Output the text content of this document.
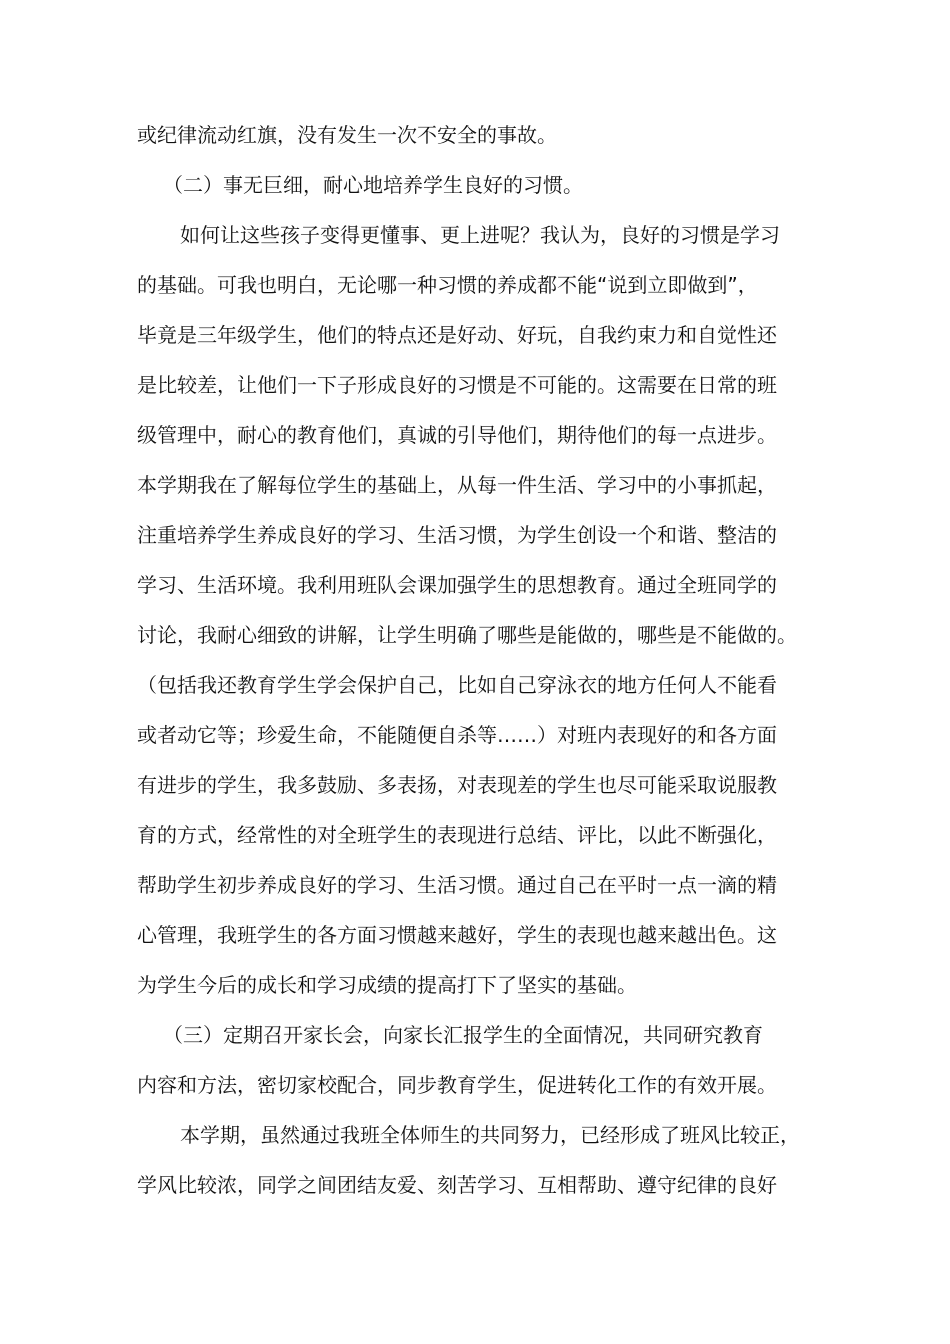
或纪律流动红旗，没有发生一次不安全的事故。
（二）事无巨细，耐心地培养学生良好的习惯。
如何让这些孩子变得更懂事、更上进呢？我认为，良好的习惯是学习
的基础。可我也明白，无论哪一种习惯的养成都不能“说到立即做到”，
毕竟是三年级学生，他们的特点还是好动、好玩，自我约束力和自觉性还
是比较差，让他们一下子形成良好的习惯是不可能的。这需要在日常的班
级管理中，耐心的教育他们，真诚的引导他们，期待他们的每一点进步。
本学期我在了解每位学生的基础上，从每一件生活、学习中的小事抓起，
注重培养学生养成良好的学习、生活习惯，为学生创设一个和谐、整洁的
学习、生活环境。我利用班队会课加强学生的思想教育。通过全班同学的
讨论，我耐心细致的讲解，让学生明确了哪些是能做的，哪些是不能做的。
（包括我还教育学生学会保护自己，比如自己穿泳衣的地方任何人不能看
或者动它等；珍爱生命，不能随便自杀等……）对班内表现好的和各方面
有进步的学生，我多鼓励、多表扬，对表现差的学生也尽可能采取说服教
育的方式，经常性的对全班学生的表现进行总结、评比，以此不断强化，
帮助学生初步养成良好的学习、生活习惯。通过自己在平时一点一滴的精
心管理，我班学生的各方面习惯越来越好，学生的表现也越来越出色。这
为学生今后的成长和学习成绩的提高打下了坚实的基础。
（三）定期召开家长会，向家长汇报学生的全面情况，共同研究教育
内容和方法，密切家校配合，同步教育学生，促进转化工作的有效开展。
本学期，虽然通过我班全体师生的共同努力，已经形成了班风比较正，
学风比较浓，同学之间团结友爱、刻苦学习、互相帮助、遵守纪律的良好
